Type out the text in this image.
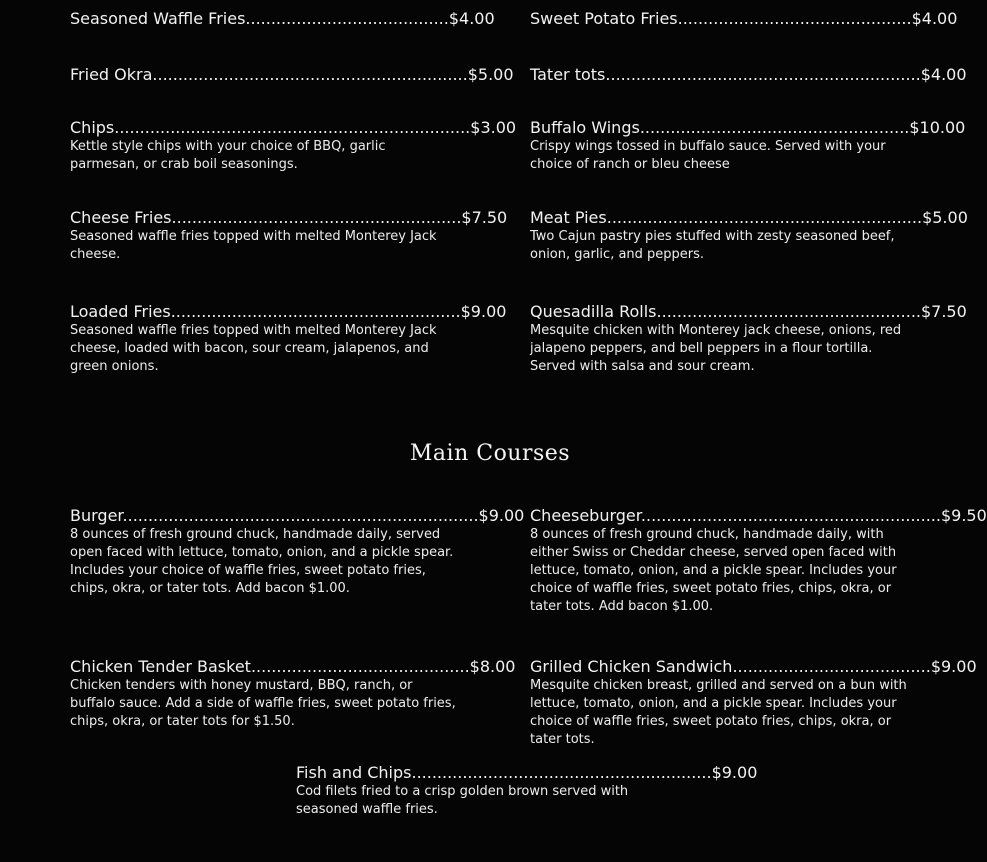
Seasoned Waffle Fries........................................$4.00 Sweet Potato Fries..............................................$4.00
Fried Okra..............................................................$5.00 Tater tots..............................................................$4.00
Chips......................................................................$3.00
Kettle style chips with your choice of BBQ, garlic parmesan, or crab boil seasonings.
Buffalo Wings.....................................................$10.00
Crispy wings tossed in buffalo sauce. Served with your choice of ranch or bleu cheese
Cheese Fries.........................................................$7.50
Seasoned waffle fries topped with melted Monterey Jack cheese.
Meat Pies..............................................................$5.00
Two Cajun pastry pies stuffed with zesty seasoned beef, onion, garlic, and peppers.
Loaded Fries.........................................................$9.00
Seasoned waffle fries topped with melted Monterey Jack cheese, loaded with bacon, sour cream, jalapenos, and green onions.
Quesadilla Rolls....................................................$7.50
Mesquite chicken with Monterey jack cheese, onions, red jalapeno peppers, and bell peppers in a flour tortilla. Served with salsa and sour cream.
Main Courses
Burger......................................................................$9.00
8 ounces of fresh ground chuck, handmade daily, served open faced with lettuce, tomato, onion, and a pickle spear. Includes your choice of waffle fries, sweet potato fries, chips, okra, or tater tots. Add bacon $1.00.
Cheeseburger...........................................................$9.50
8 ounces of fresh ground chuck, handmade daily, with either Swiss or Cheddar cheese, served open faced with lettuce, tomato, onion, and a pickle spear. Includes your choice of waffle fries, sweet potato fries, chips, okra, or tater tots. Add bacon $1.00.
Chicken Tender Basket...........................................$8.00
Chicken tenders with honey mustard, BBQ, ranch, or buffalo sauce. Add a side of waffle fries, sweet potato fries, chips, okra, or tater tots for $1.50.
Grilled Chicken Sandwich.......................................$9.00
Mesquite chicken breast, grilled and served on a bun with lettuce, tomato, onion, and a pickle spear. Includes your choice of waffle fries, sweet potato fries, chips, okra, or tater tots.
Fish and Chips...........................................................$9.00
Cod filets fried to a crisp golden brown served with seasoned waffle fries.
